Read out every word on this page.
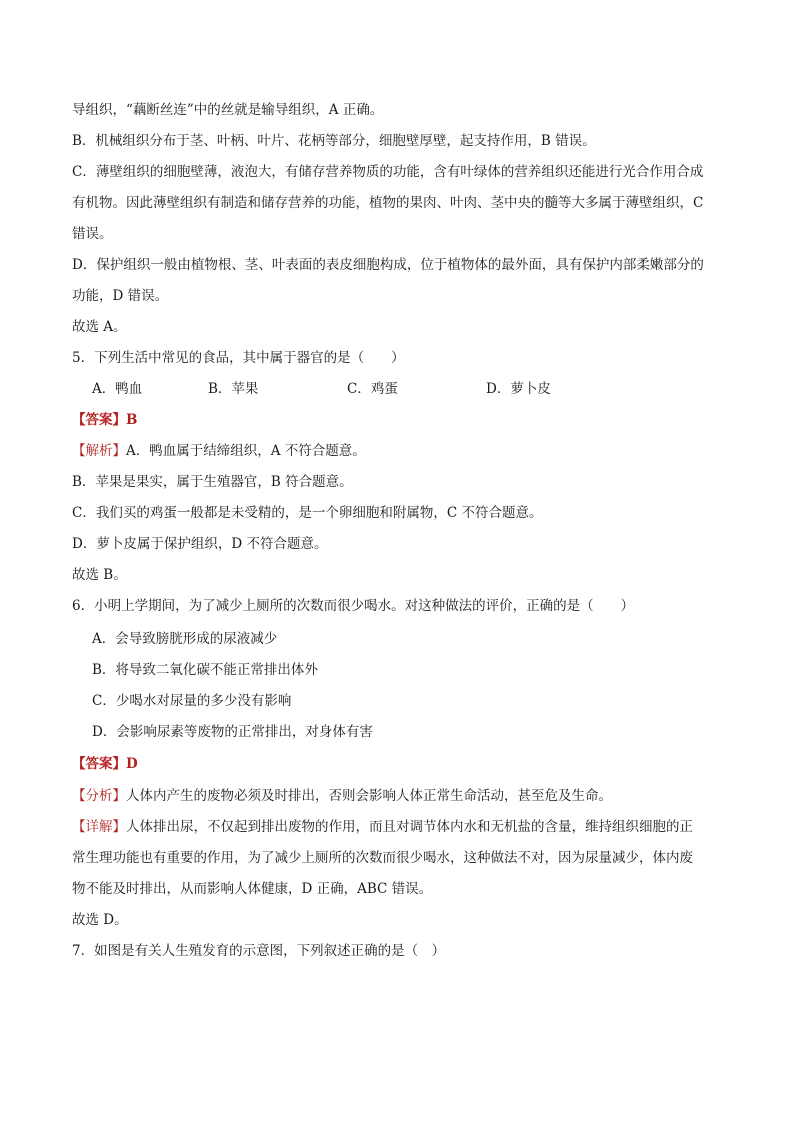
导组织，“藕断丝连”中的丝就是输导组织，A 正确。
B．机械组织分布于茎、叶柄、叶片、花柄等部分，细胞壁厚壁，起支持作用，B 错误。
C．薄壁组织的细胞壁薄，液泡大，有储存营养物质的功能，含有叶绿体的营养组织还能进行光合作用合成
有机物。因此薄壁组织有制造和储存营养的功能，植物的果肉、叶肉、茎中央的髓等大多属于薄壁组织，C
错误。
D．保护组织一般由植物根、茎、叶表面的表皮细胞构成，位于植物体的最外面，具有保护内部柔嫩部分的
功能，D 错误。
故选 A。
5．下列生活中常见的食品，其中属于器官的是（　　）
A．鸭血	B．苹果	C．鸡蛋	D．萝卜皮
【答案】B
【解析】A．鸭血属于结缔组织，A 不符合题意。
B．苹果是果实，属于生殖器官，B 符合题意。
C．我们买的鸡蛋一般都是未受精的，是一个卵细胞和附属物，C 不符合题意。
D．萝卜皮属于保护组织，D 不符合题意。
故选 B。
6．小明上学期间，为了减少上厕所的次数而很少喝水。对这种做法的评价，正确的是（　　）
A．会导致膀胱形成的尿液减少
B．将导致二氧化碳不能正常排出体外
C．少喝水对尿量的多少没有影响
D．会影响尿素等废物的正常排出，对身体有害
【答案】D
【分析】人体内产生的废物必须及时排出，否则会影响人体正常生命活动，甚至危及生命。
【详解】人体排出尿，不仅起到排出废物的作用，而且对调节体内水和无机盐的含量，维持组织细胞的正
常生理功能也有重要的作用，为了减少上厕所的次数而很少喝水，这种做法不对，因为尿量减少，体内废
物不能及时排出，从而影响人体健康，D 正确，ABC 错误。
故选 D。
7．如图是有关人生殖发育的示意图，下列叙述正确的是（　）
